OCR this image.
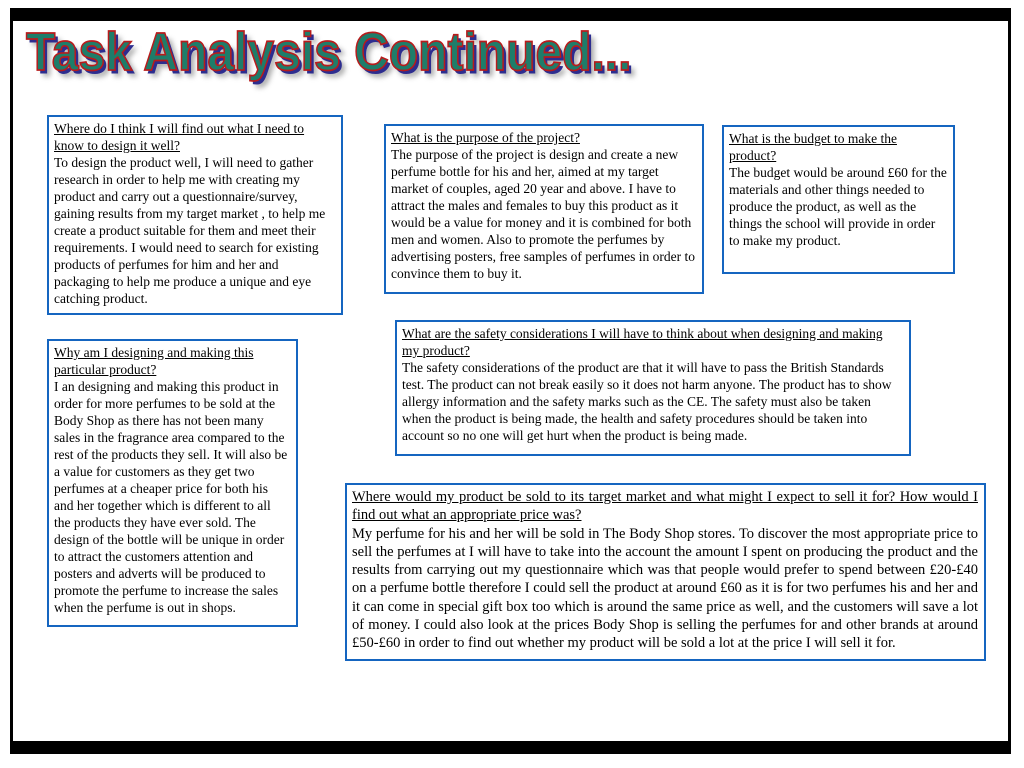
Task Analysis Continued...
Where do I think I will find out what I need to know to design it well?
To design the product well, I will need to gather research in order to help me with creating my product and carry out a questionnaire/survey, gaining results from my target market , to help me create a product suitable for them and meet their requirements. I would need to search for existing products of perfumes for him and her and packaging to help me produce a unique and eye catching product.
What is the purpose of the project?
The purpose of the project is design and create a new perfume bottle for his and her, aimed at my target market of couples, aged 20 year and above. I have to attract the males and females to buy this product as it would be a value for money and it is combined for both men and women. Also to promote the perfumes by advertising posters, free samples of perfumes in order to convince them to buy it.
What is the budget to make the product?
The budget would be around £60 for the materials and other things needed to produce the product, as well as the things the school will provide in order to make my product.
What are the safety considerations I will have to think about when designing and making my product?
The safety considerations of the product are that it will have to pass the British Standards test. The product can not break easily so it does not harm anyone. The product has to show allergy information and the safety marks such as the CE. The safety must also be taken when the product is being made, the health and safety procedures should be taken into account so no one will get hurt when the product is being made.
Why am I designing and making this particular product?
I an designing and making this product in order for more perfumes to be sold at the Body Shop as there has not been many sales in the fragrance area compared to the rest of the products they sell. It will also be a value for customers as they get two perfumes at a cheaper price for both his and her together which is different to all the products they have ever sold. The design of the bottle will be unique in order to attract the customers attention and posters and adverts will be produced to promote the perfume to increase the sales when the perfume is out in shops.
Where would my product be sold to its target market and what might I expect to sell it for? How would I find out what an appropriate price was?
My perfume for his and her will be sold in The Body Shop stores. To discover the most appropriate price to sell the perfumes at I will have to take into the account the amount I spent on producing the product and the results from carrying out my questionnaire which was that people would prefer to spend between £20-£40 on a perfume bottle therefore I could sell the product at around £60 as it is for two perfumes his and her and it can come in special gift box too which is around the same price as well, and the customers will save a lot of money. I could also look at the prices Body Shop is selling the perfumes for and other brands at around £50-£60 in order to find out whether my product will be sold a lot at the price I will sell it for.
